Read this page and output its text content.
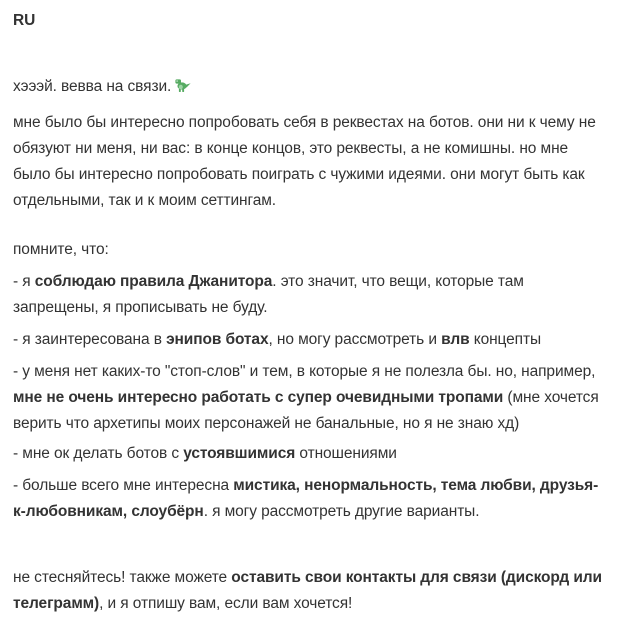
RU

хэээй. вевва на связи.

мне было бы интересно попробовать себя в реквестах на ботов. они ни к чему не обязуют ни меня, ни вас: в конце концов, это реквесты, а не комишны. но мне было бы интересно попробовать поиграть с чужими идеями. они могут быть как отдельными, так и к моим сеттингам.

помните, что:

- я соблюдаю правила Джанитора. это значит, что вещи, которые там запрещены, я прописывать не буду.

- я заинтересована в энипов ботах, но могу рассмотреть и влв концепты

- у меня нет каких-то "стоп-слов" и тем, в которые я не полезла бы. но, например, мне не очень интересно работать с супер очевидными тропами (мне хочется верить что архетипы моих персонажей не банальные, но я не знаю хд)

- мне ок делать ботов с устоявшимися отношениями

- больше всего мне интересна мистика, ненормальность, тема любви, друзья-к-любовникам, слоубёрн. я могу рассмотреть другие варианты.

не стесняйтесь! также можете оставить свои контакты для связи (дискорд или телеграмм), и я отпишу вам, если вам хочется!
